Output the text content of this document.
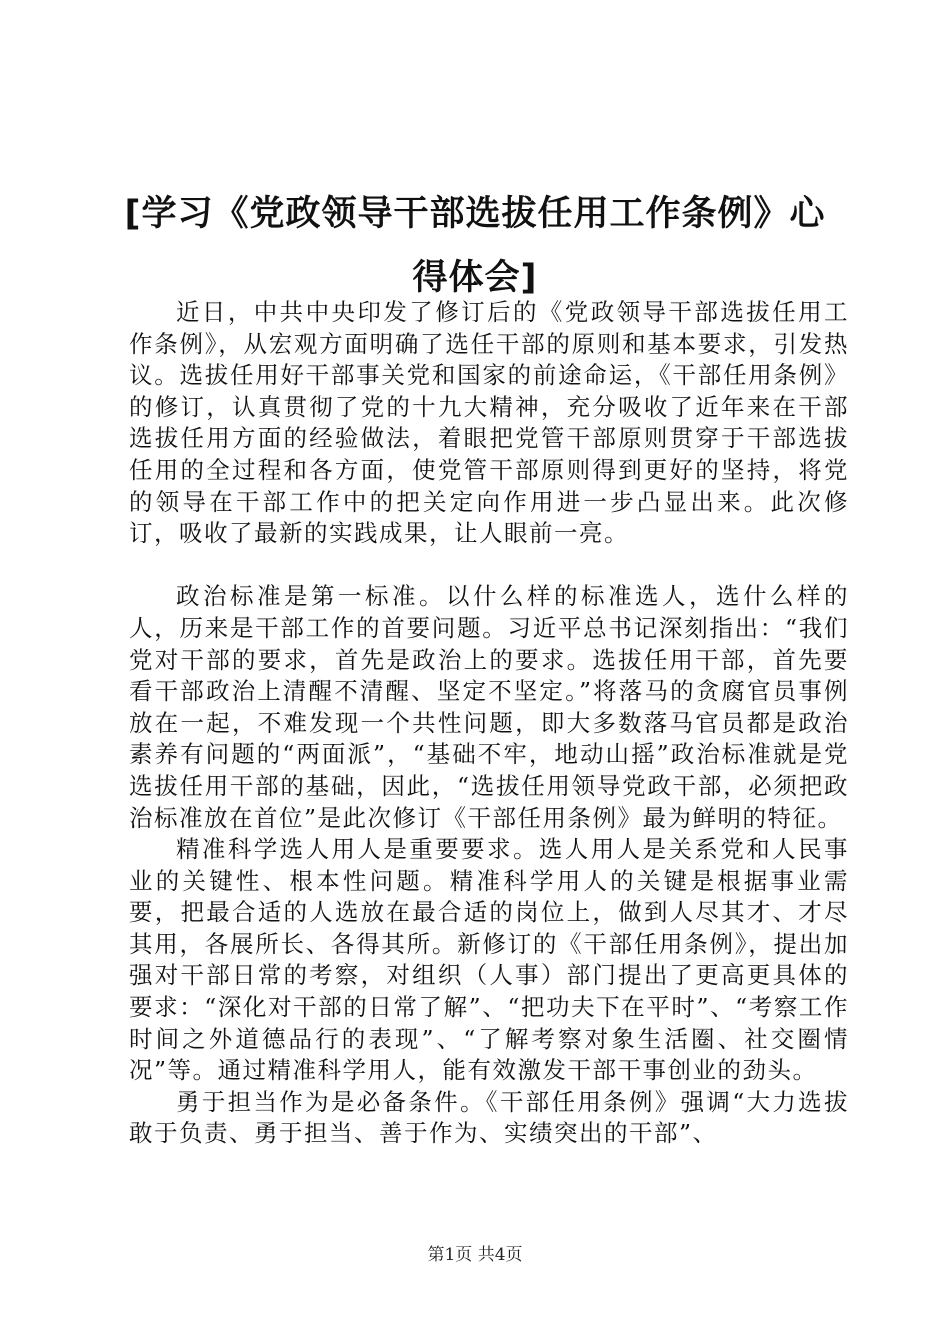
[学习《党政领导干部选拔任用工作条例》心
得体会]

近日，中共中央印发了修订后的《党政领导干部选拔任用工作条例》，从宏观方面明确了选任干部的原则和基本要求，引发热议。选拔任用好干部事关党和国家的前途命运，《干部任用条例》的修订，认真贯彻了党的十九大精神，充分吸收了近年来在干部选拔任用方面的经验做法，着眼把党管干部原则贯穿于干部选拔任用的全过程和各方面，使党管干部原则得到更好的坚持，将党的领导在干部工作中的把关定向作用进一步凸显出来。此次修订，吸收了最新的实践成果，让人眼前一亮。

政治标准是第一标准。以什么样的标准选人，选什么样的人，历来是干部工作的首要问题。习近平总书记深刻指出：“我们党对干部的要求，首先是政治上的要求。选拔任用干部，首先要看干部政治上清醒不清醒、坚定不坚定。”将落马的贪腐官员事例放在一起，不难发现一个共性问题，即大多数落马官员都是政治素养有问题的“两面派”，“基础不牢，地动山摇”政治标准就是党选拔任用干部的基础，因此，“选拔任用领导党政干部，必须把政治标准放在首位”是此次修订《干部任用条例》最为鲜明的特征。

精准科学选人用人是重要要求。选人用人是关系党和人民事业的关键性、根本性问题。精准科学用人的关键是根据事业需要，把最合适的人选放在最合适的岗位上，做到人尽其才、才尽其用，各展所长、各得其所。新修订的《干部任用条例》，提出加强对干部日常的考察，对组织（人事）部门提出了更高更具体的要求：“深化对干部的日常了解”、“把功夫下在平时”、“考察工作时间之外道德品行的表现”、“了解考察对象生活圈、社交圈情况”等。通过精准科学用人，能有效激发干部干事创业的劲头。

勇于担当作为是必备条件。《干部任用条例》强调“大力选拔敢于负责、勇于担当、善于作为、实绩突出的干部”、

第1页 共4页
